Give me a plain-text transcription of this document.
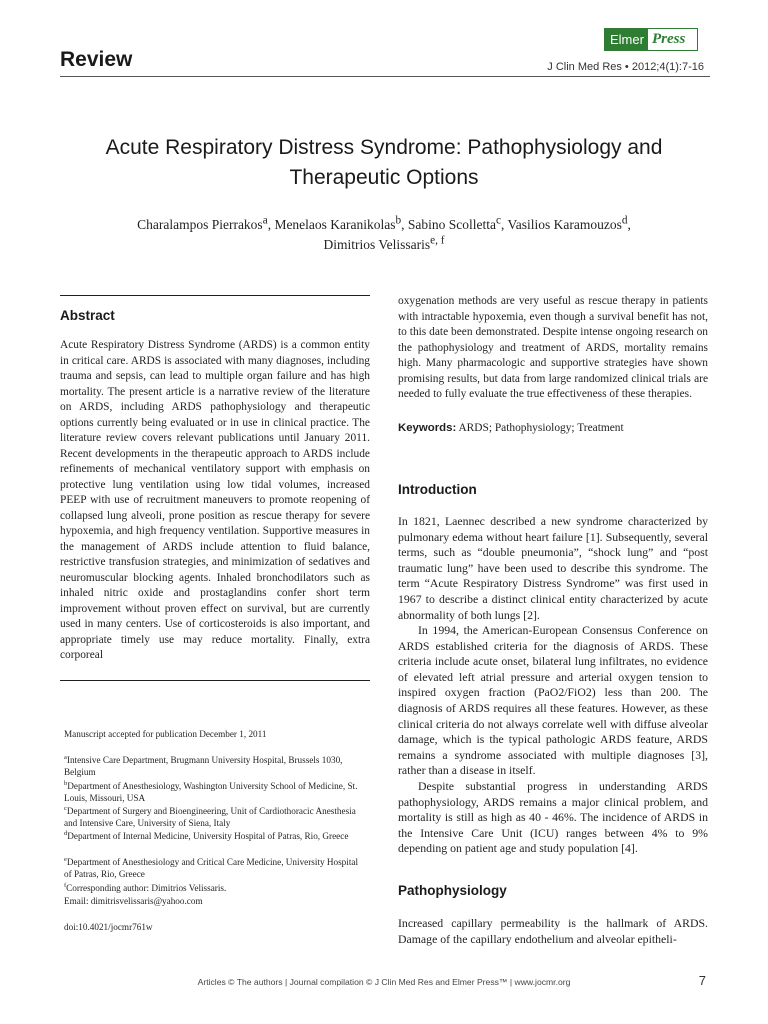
Review
Elmer Press
J Clin Med Res • 2012;4(1):7-16
Acute Respiratory Distress Syndrome: Pathophysiology and Therapeutic Options
Charalampos Pierrakos$^a$, Menelaos Karanikolas$^b$, Sabino Scolletta$^c$, Vasilios Karamouzos$^d$,
Dimitrios Velissaris$^{e, f}$
Abstract

Acute Respiratory Distress Syndrome (ARDS) is a common entity in critical care. ARDS is associated with many diagnoses, including trauma and sepsis, can lead to multiple organ failure and has high mortality. The present article is a narrative review of the literature on ARDS, including ARDS pathophysiology and therapeutic options currently being evaluated or in use in clinical practice. The literature review covers relevant publications until January 2011. Recent developments in the therapeutic approach to ARDS include refinements of mechanical ventilatory support with emphasis on protective lung ventilation using low tidal volumes, increased PEEP with use of recruitment maneuvers to promote reopening of collapsed lung alveoli, prone position as rescue therapy for severe hypoxemia, and high frequency ventilation. Supportive measures in the management of ARDS include attention to fluid balance, restrictive transfusion strategies, and minimization of sedatives and neuromuscular blocking agents. Inhaled bronchodilators such as inhaled nitric oxide and prostaglandins confer short term improvement without proven effect on survival, but are currently used in many centers. Use of corticosteroids is also important, and appropriate timely use may reduce mortality. Finally, extra corporeal

Manuscript accepted for publication December 1, 2011

$^a$Intensive Care Department, Brugmann University Hospital, Brussels 1030, Belgium

$^b$Department of Anesthesiology, Washington University School of Medicine, St. Louis, Missouri, USA

$^c$Department of Surgery and Bioengineering, Unit of Cardiothoracic Anesthesia and Intensive Care, University of Siena, Italy

$^d$Department of Internal Medicine, University Hospital of Patras, Rio, Greece

$^e$Department of Anesthesiology and Critical Care Medicine, University Hospital of Patras, Rio, Greece

$^f$Corresponding author: Dimitrios Velissaris.

Email: dimitrisvelissaris@yahoo.com

doi:10.4021/jocmr761w

oxygenation methods are very useful as rescue therapy in patients with intractable hypoxemia, even though a survival benefit has not, to this date been demonstrated. Despite intense ongoing research on the pathophysiology and treatment of ARDS, mortality remains high. Many pharmacologic and supportive strategies have shown promising results, but data from large randomized clinical trials are needed to fully evaluate the true effectiveness of these therapies.

Keywords: ARDS; Pathophysiology; Treatment

Introduction

In 1821, Laennec described a new syndrome characterized by pulmonary edema without heart failure [1]. Subsequently, several terms, such as “double pneumonia”, “shock lung” and “post traumatic lung” have been used to describe this syndrome. The term “Acute Respiratory Distress Syndrome” was first used in 1967 to describe a distinct clinical entity characterized by acute abnormality of both lungs [2].

In 1994, the American-European Consensus Conference on ARDS established criteria for the diagnosis of ARDS. These criteria include acute onset, bilateral lung infiltrates, no evidence of elevated left atrial pressure and arterial oxygen tension to inspired oxygen fraction (PaO2/FiO2) less than 200. The diagnosis of ARDS requires all these features. However, as these clinical criteria do not always correlate well with diffuse alveolar damage, which is the typical pathologic ARDS feature, ARDS remains a syndrome associated with multiple diagnoses [3], rather than a disease in itself.

Despite substantial progress in understanding ARDS pathophysiology, ARDS remains a major clinical problem, and mortality is still as high as 40 - 46%. The incidence of ARDS in the Intensive Care Unit (ICU) ranges between 4% to 9% depending on patient age and study population [4].

Pathophysiology

Increased capillary permeability is the hallmark of ARDS. Damage of the capillary endothelium and alveolar epitheli-

Articles © The authors | Journal compilation © J Clin Med Res and Elmer Press™ | www.jocmr.org	7
